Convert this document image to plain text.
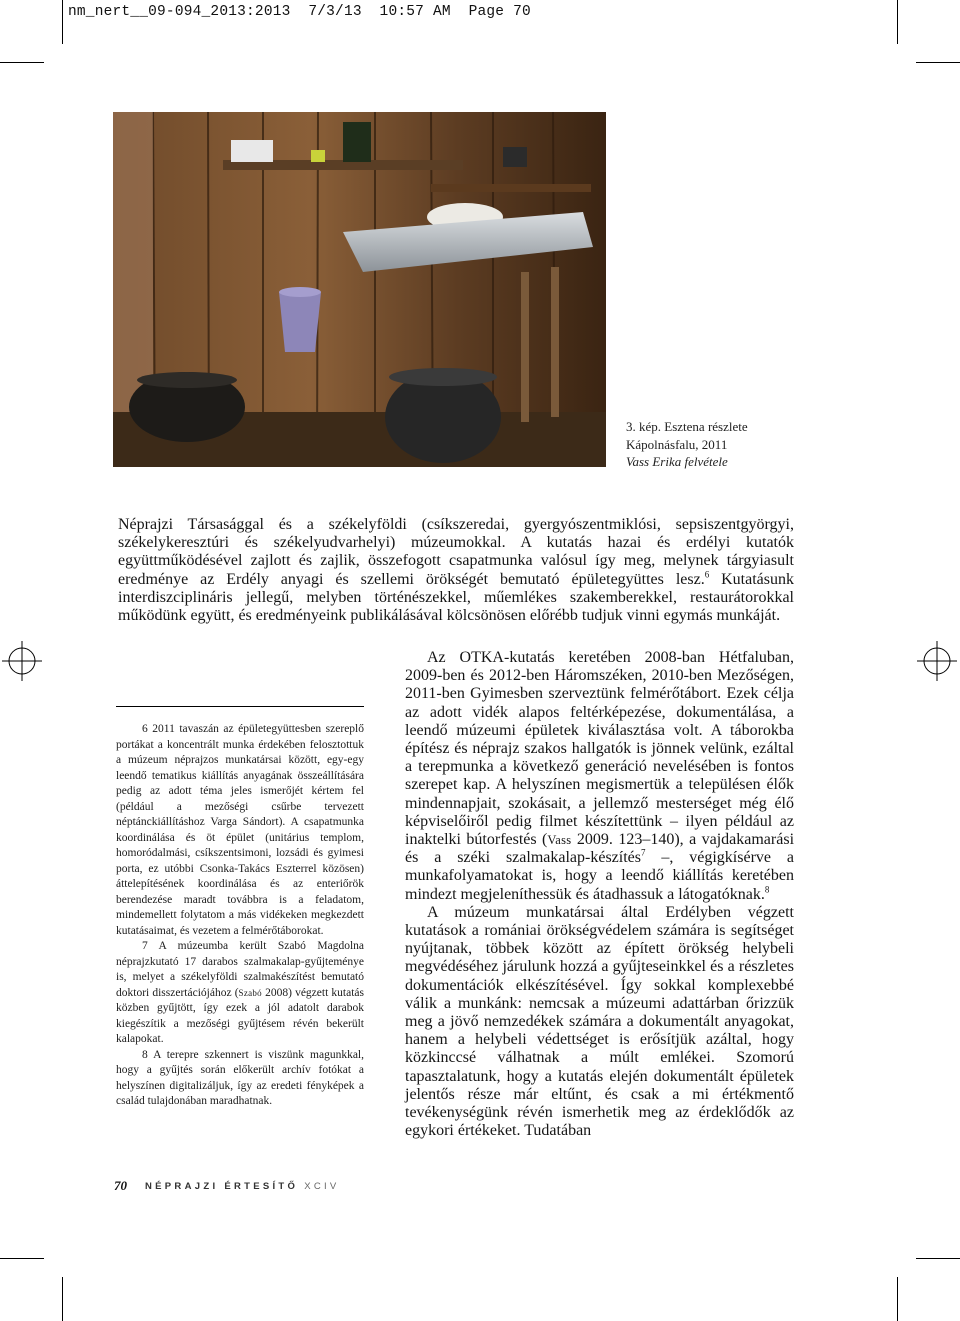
nm_nert__09-094_2013:2013  7/3/13  10:57 AM  Page 70
3. kép. Esztena részlete
Kápolnásfalu, 2011
Vass Erika felvétele

Néprajzi Társasággal és a székelyföldi (csíkszeredai, gyergyószentmiklósi, sepsiszentgyörgyi, székelykeresztúri és székelyudvarhelyi) múzeumokkal. A kutatás hazai és erdélyi kutatók együttműködésével zajlott és zajlik, összefogott csapatmunka valósul így meg, melynek tárgyiasult eredménye az Erdély anyagi és szellemi örökségét bemutató épületegyüttes lesz.$^6$ Kutatásunk interdiszciplináris jellegű, melyben történészekkel, műemlékes szakemberekkel, restaurátorokkal működünk együtt, és eredményeink publikálásával kölcsönösen előrébb tudjuk vinni egymás munkáját.

Az OTKA-kutatás keretében 2008-ban Hétfaluban, 2009-ben és 2012-ben Háromszéken, 2010-ben Mezőségen, 2011-ben Gyimesben szerveztünk felmérőtábort. Ezek célja az adott vidék alapos feltérképezése, dokumentálása, a leendő múzeumi épületek kiválasztása volt. A táborokba építész és néprajz szakos hallgatók is jönnek velünk, ezáltal a terepmunka a következő generáció nevelésében is fontos szerepet kap. A helyszínen megismertük a településen élők mindennapjait, szokásait, a jellemző mesterséget még élő képviselőiről pedig filmet készítettünk – ilyen például az inaktelki bútorfestés (Vass 2009. 123–140), a vajdakamarási és a széki szalmakalap-készítés$^7$ –, végigkísérve a munkafolyamatokat is, hogy a leendő kiállítás keretében mindezt megjeleníthessük és átadhassuk a látogatóknak.$^8$

A múzeum munkatársai által Erdélyben végzett kutatások a romániai örökségvédelem számára is segítséget nyújtanak, többek között az épített örökség helybeli megvédéséhez járulunk hozzá a gyűjteseinkkel és a részletes dokumentációk elkészítésével. Így sokkal komplexebbé válik a munkánk: nemcsak a múzeumi adattárban őrizzük meg a jövő nemzedékek számára a dokumentált anyagokat, hanem a helybeli védettséget is erősítjük azáltal, hogy közkinccsé válhatnak a múlt emlékei. Szomorú tapasztalatunk, hogy a kutatás elején dokumentált épületek jelentős része már eltűnt, és csak a mi értékmentő tevékenységünk révén ismerhetik meg az érdeklődők az egykori értékeket. Tudatában

6 2011 tavaszán az épületegyüttesben szereplő portákat a koncentrált munka érdekében felosztottuk a múzeum néprajzos munkatársai között, egy-egy leendő tematikus kiállítás anyagának összeállítására pedig az adott téma jeles ismerőjét kértem fel (például a mezőségi csűrbe tervezett néptánckiállításhoz Varga Sándort). A csapatmunka koordinálása és öt épület (unitárius templom, homoródalmási, csíkszentsimoni, lozsádi és gyimesi porta, ez utóbbi Csonka-Takács Eszterrel közösen) áttelepítésének koordinálása és az enteriőrök berendezése maradt továbbra is a feladatom, mindemellett folytatom a más vidékeken megkezdett kutatásaimat, és vezetem a felmérőtáborokat.

7 A múzeumba került Szabó Magdolna néprajzkutató 17 darabos szalmakalap-gyűjteménye is, melyet a székelyföldi szalmakészítést bemutató doktori disszertációjához (Szabó 2008) végzett kutatás közben gyűjtött, így ezek a jól adatolt darabok kiegészítik a mezőségi gyűjtésem révén bekerült kalapokat.

8 A terepre szkennert is viszünk magunkkal, hogy a gyűjtés során előkerült archív fotókat a helyszínen digitalizáljuk, így az eredeti fényképek a család tulajdonában maradhatnak.

70 NÉPRAJZI ÉRTESÍTŐ XCIV
